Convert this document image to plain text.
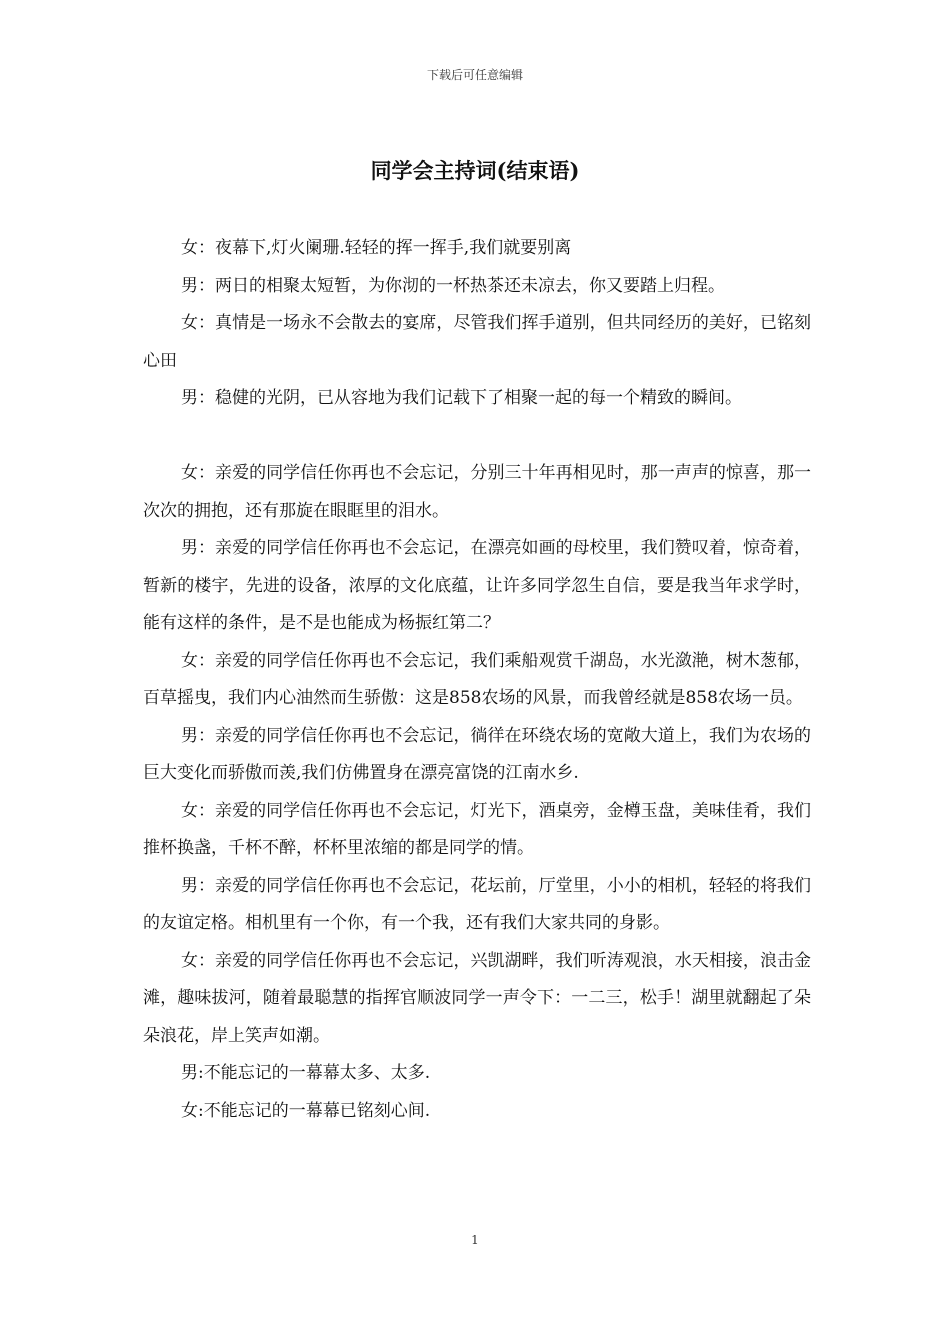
下载后可任意编辑
同学会主持词(结束语)

女：夜幕下,灯火阑珊.轻轻的挥一挥手,我们就要别离

男：两日的相聚太短暂，为你沏的一杯热茶还未凉去，你又要踏上归程。

女：真情是一场永不会散去的宴席，尽管我们挥手道别，但共同经历的美好，已铭刻心田

男：稳健的光阴，已从容地为我们记载下了相聚一起的每一个精致的瞬间。

女：亲爱的同学信任你再也不会忘记，分别三十年再相见时，那一声声的惊喜，那一次次的拥抱，还有那旋在眼眶里的泪水。

男：亲爱的同学信任你再也不会忘记，在漂亮如画的母校里，我们赞叹着，惊奇着，暂新的楼宇，先进的设备，浓厚的文化底蕴，让许多同学忽生自信，要是我当年求学时，能有这样的条件，是不是也能成为杨振红第二？

女：亲爱的同学信任你再也不会忘记，我们乘船观赏千湖岛，水光潋滟，树木葱郁，百草摇曳，我们内心油然而生骄傲：这是858农场的风景，而我曾经就是858农场一员。

男：亲爱的同学信任你再也不会忘记，徜徉在环绕农场的宽敞大道上，我们为农场的巨大变化而骄傲而羡,我们仿佛置身在漂亮富饶的江南水乡.

女：亲爱的同学信任你再也不会忘记，灯光下，酒桌旁，金樽玉盘，美味佳肴，我们推杯换盏，千杯不醉，杯杯里浓缩的都是同学的情。

男：亲爱的同学信任你再也不会忘记，花坛前，厅堂里，小小的相机，轻轻的将我们的友谊定格。相机里有一个你，有一个我，还有我们大家共同的身影。

女：亲爱的同学信任你再也不会忘记，兴凯湖畔，我们听涛观浪，水天相接，浪击金滩，趣味拔河，随着最聪慧的指挥官顺波同学一声令下：一二三，松手！湖里就翻起了朵朵浪花，岸上笑声如潮。

男:不能忘记的一幕幕太多、太多.

女:不能忘记的一幕幕已铭刻心间.

1
